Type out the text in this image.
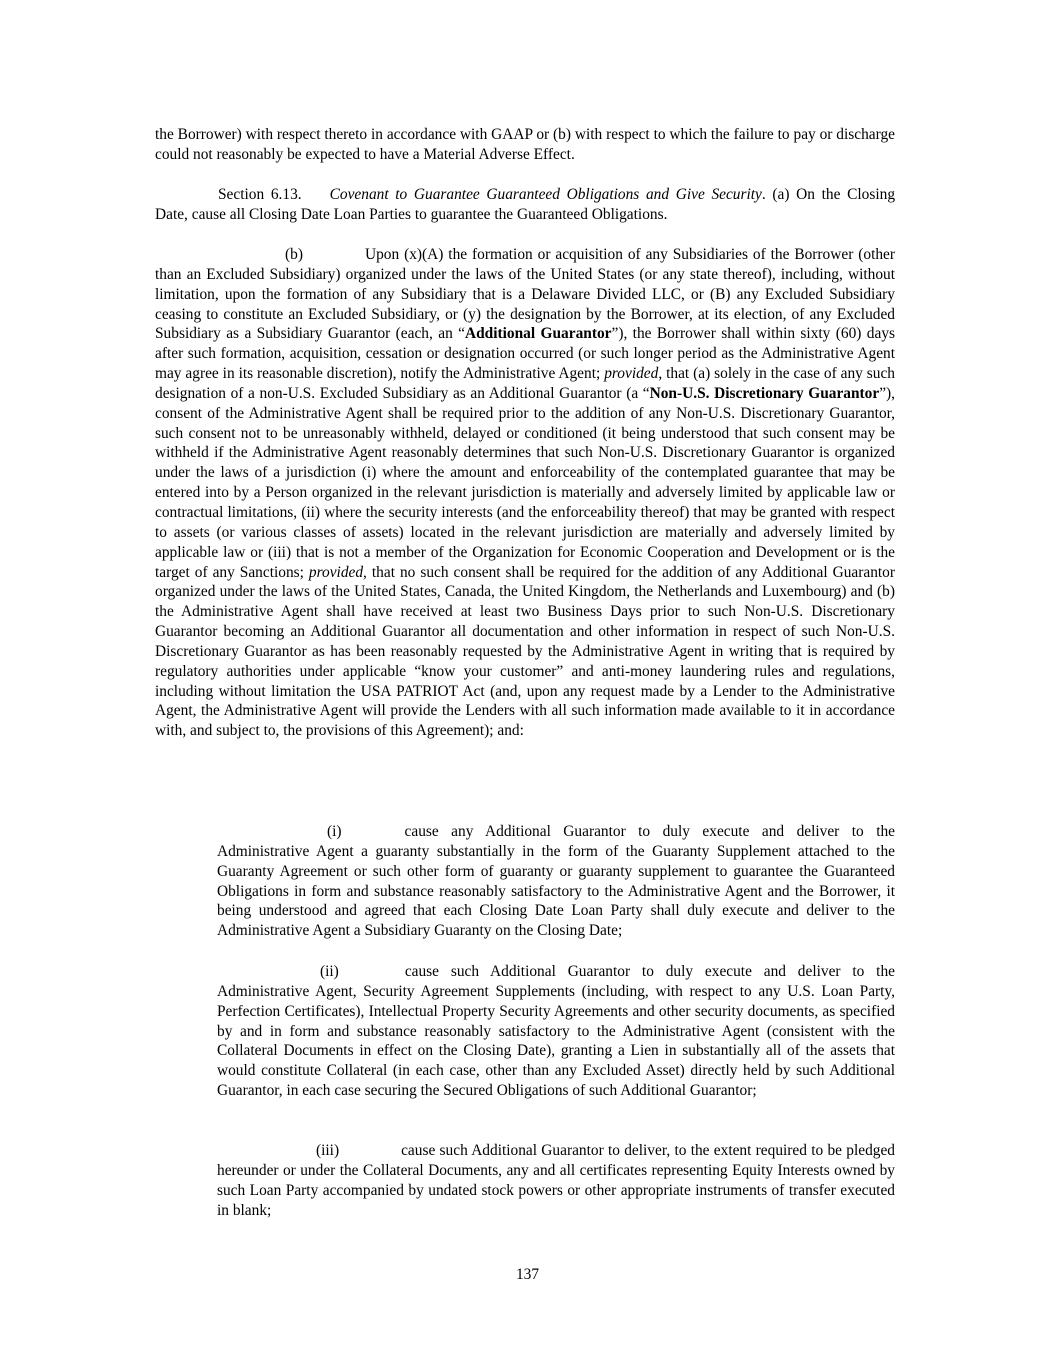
the Borrower) with respect thereto in accordance with GAAP or (b) with respect to which the failure to pay or discharge could not reasonably be expected to have a Material Adverse Effect.

Section 6.13. Covenant to Guarantee Guaranteed Obligations and Give Security. (a) On the Closing Date, cause all Closing Date Loan Parties to guarantee the Guaranteed Obligations.

(b)	Upon (x)(A) the formation or acquisition of any Subsidiaries of the Borrower (other than an Excluded Subsidiary) organized under the laws of the United States (or any state thereof), including, without limitation, upon the formation of any Subsidiary that is a Delaware Divided LLC, or (B) any Excluded Subsidiary ceasing to constitute an Excluded Subsidiary, or (y) the designation by the Borrower, at its election, of any Excluded Subsidiary as a Subsidiary Guarantor (each, an “Additional Guarantor”), the Borrower shall within sixty (60) days after such formation, acquisition, cessation or designation occurred (or such longer period as the Administrative Agent may agree in its reasonable discretion), notify the Administrative Agent; provided, that (a) solely in the case of any such designation of a non-U.S. Excluded Subsidiary as an Additional Guarantor (a “Non-U.S. Discretionary Guarantor”), consent of the Administrative Agent shall be required prior to the addition of any Non-U.S. Discretionary Guarantor, such consent not to be unreasonably withheld, delayed or conditioned (it being understood that such consent may be withheld if the Administrative Agent reasonably determines that such Non-U.S. Discretionary Guarantor is organized under the laws of a jurisdiction (i) where the amount and enforceability of the contemplated guarantee that may be entered into by a Person organized in the relevant jurisdiction is materially and adversely limited by applicable law or contractual limitations, (ii) where the security interests (and the enforceability thereof) that may be granted with respect to assets (or various classes of assets) located in the relevant jurisdiction are materially and adversely limited by applicable law or (iii) that is not a member of the Organization for Economic Cooperation and Development or is the target of any Sanctions; provided, that no such consent shall be required for the addition of any Additional Guarantor organized under the laws of the United States, Canada, the United Kingdom, the Netherlands and Luxembourg) and (b) the Administrative Agent shall have received at least two Business Days prior to such Non-U.S. Discretionary Guarantor becoming an Additional Guarantor all documentation and other information in respect of such Non-U.S. Discretionary Guarantor as has been reasonably requested by the Administrative Agent in writing that is required by regulatory authorities under applicable “know your customer” and anti-money laundering rules and regulations, including without limitation the USA PATRIOT Act (and, upon any request made by a Lender to the Administrative Agent, the Administrative Agent will provide the Lenders with all such information made available to it in accordance with, and subject to, the provisions of this Agreement); and:

(i)	cause any Additional Guarantor to duly execute and deliver to the Administrative Agent a guaranty substantially in the form of the Guaranty Supplement attached to the Guaranty Agreement or such other form of guaranty or guaranty supplement to guarantee the Guaranteed Obligations in form and substance reasonably satisfactory to the Administrative Agent and the Borrower, it being understood and agreed that each Closing Date Loan Party shall duly execute and deliver to the Administrative Agent a Subsidiary Guaranty on the Closing Date;

(ii)	cause such Additional Guarantor to duly execute and deliver to the Administrative Agent, Security Agreement Supplements (including, with respect to any U.S. Loan Party, Perfection Certificates), Intellectual Property Security Agreements and other security documents, as specified by and in form and substance reasonably satisfactory to the Administrative Agent (consistent with the Collateral Documents in effect on the Closing Date), granting a Lien in substantially all of the assets that would constitute Collateral (in each case, other than any Excluded Asset) directly held by such Additional Guarantor, in each case securing the Secured Obligations of such Additional Guarantor;

(iii)	cause such Additional Guarantor to deliver, to the extent required to be pledged hereunder or under the Collateral Documents, any and all certificates representing Equity Interests owned by such Loan Party accompanied by undated stock powers or other appropriate instruments of transfer executed in blank;

137
